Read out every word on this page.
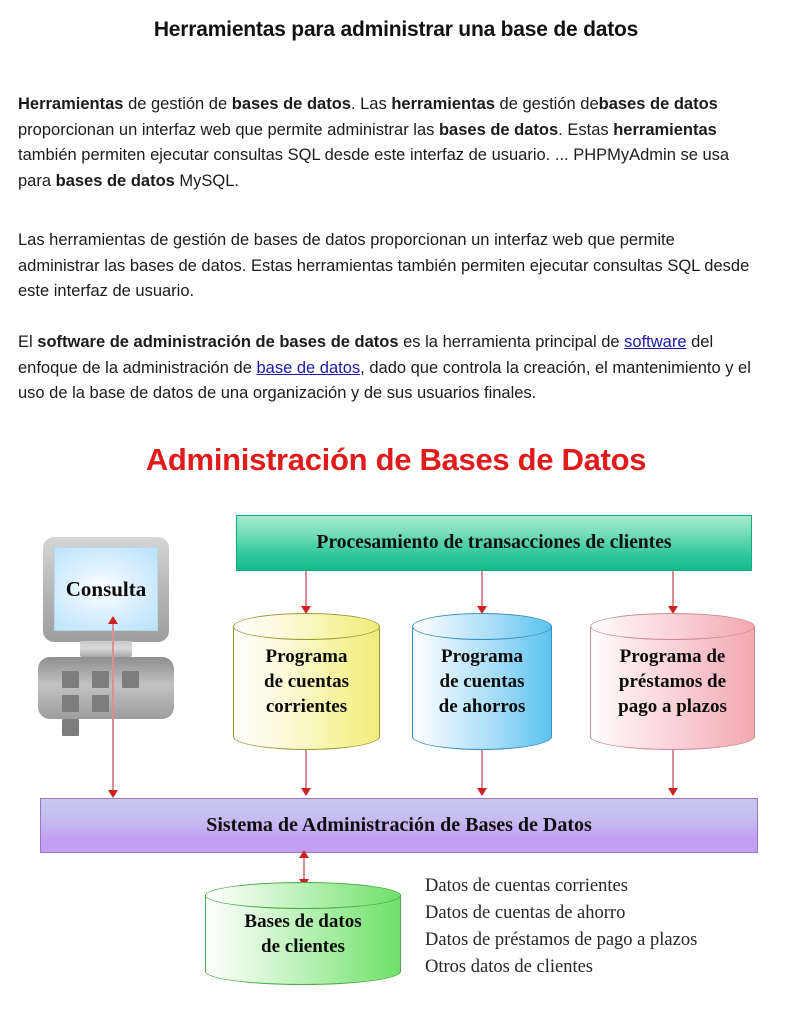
Herramientas para administrar una base de datos
Herramientas de gestión de bases de datos. Las herramientas de gestión debases de datos proporcionan un interfaz web que permite administrar las bases de datos. Estas herramientas también permiten ejecutar consultas SQL desde este interfaz de usuario. ... PHPMyAdmin se usa para bases de datos MySQL.
Las herramientas de gestión de bases de datos proporcionan un interfaz web que permite administrar las bases de datos. Estas herramientas también permiten ejecutar consultas SQL desde este interfaz de usuario.
El software de administración de bases de datos es la herramienta principal de software del enfoque de la administración de base de datos, dado que controla la creación, el mantenimiento y el uso de la base de datos de una organización y de sus usuarios finales.
Administración de Bases de Datos
Consulta
Procesamiento de transacciones de clientes
Programa
de cuentas
corrientes
Programa
de cuentas
de ahorros
Programa de
préstamos de
pago a plazos
Sistema de Administración de Bases de Datos
Bases de datos
de clientes
Datos de cuentas corrientes
Datos de cuentas de ahorro
Datos de préstamos de pago a plazos
Otros datos de clientes
